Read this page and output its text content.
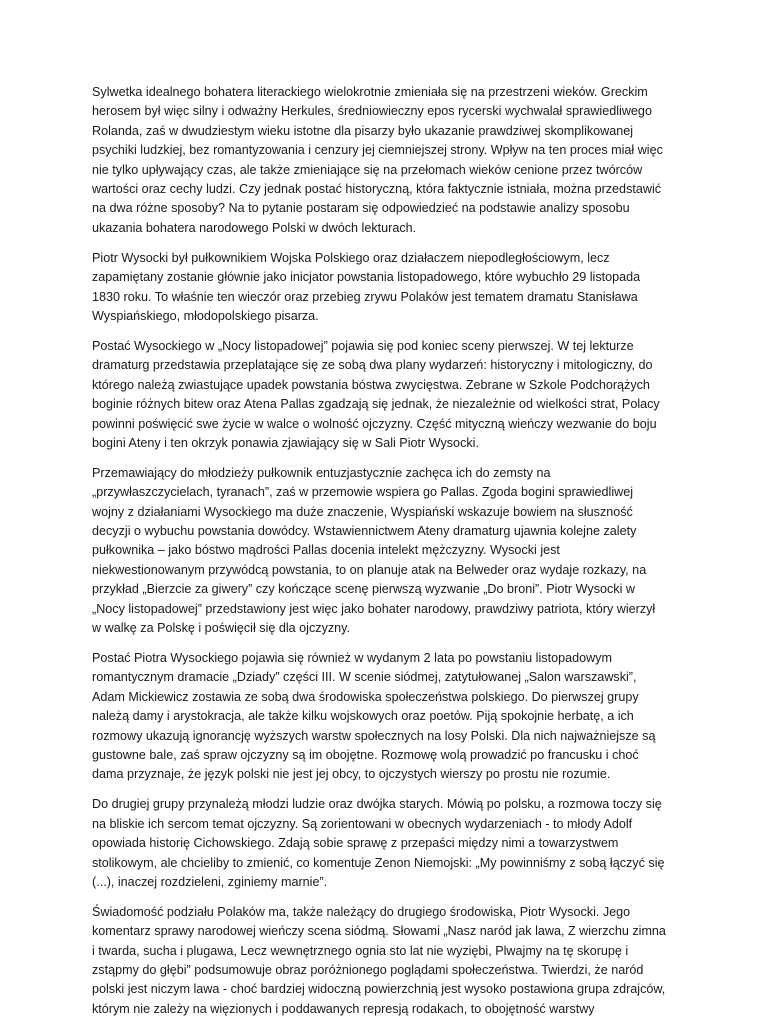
Sylwetka idealnego bohatera literackiego wielokrotnie zmieniała się na przestrzeni wieków. Greckim herosem był więc silny i odważny Herkules, średniowieczny epos rycerski wychwalał sprawiedliwego Rolanda, zaś w dwudziestym wieku istotne dla pisarzy było ukazanie prawdziwej skomplikowanej psychiki ludzkiej, bez romantyzowania i cenzury jej ciemniejszej strony. Wpływ na ten proces miał więc nie tylko upływający czas, ale także zmieniające się na przełomach wieków cenione przez twórców wartości oraz cechy ludzi. Czy jednak postać historyczną, która faktycznie istniała, można przedstawić na dwa różne sposoby? Na to pytanie postaram się odpowiedzieć na podstawie analizy sposobu ukazania bohatera narodowego Polski w dwóch lekturach.

Piotr Wysocki był pułkownikiem Wojska Polskiego oraz działaczem niepodległościowym, lecz zapamiętany zostanie głównie jako inicjator powstania listopadowego, które wybuchło 29 listopada 1830 roku. To właśnie ten wieczór oraz przebieg zrywu Polaków jest tematem dramatu Stanisława Wyspiańskiego, młodopolskiego pisarza.

Postać Wysockiego w „Nocy listopadowej” pojawia się pod koniec sceny pierwszej. W tej lekturze dramaturg przedstawia przeplatające się ze sobą dwa plany wydarzeń: historyczny i mitologiczny, do którego należą zwiastujące upadek powstania bóstwa zwycięstwa. Zebrane w Szkole Podchorążych boginie różnych bitew oraz Atena Pallas zgadzają się jednak, że niezależnie od wielkości strat, Polacy powinni poświęcić swe życie w walce o wolność ojczyzny. Część mityczną wieńczy wezwanie do boju bogini Ateny i ten okrzyk ponawia zjawiający się w Sali Piotr Wysocki.

Przemawiający do młodzieży pułkownik entuzjastycznie zachęca ich do zemsty na „przywłaszczycielach, tyranach”, zaś w przemowie wspiera go Pallas. Zgoda bogini sprawiedliwej wojny z działaniami Wysockiego ma duże znaczenie, Wyspiański wskazuje bowiem na słuszność decyzji o wybuchu powstania dowódcy. Wstawiennictwem Ateny dramaturg ujawnia kolejne zalety pułkownika – jako bóstwo mądrości Pallas docenia intelekt mężczyzny. Wysocki jest niekwestionowanym przywódcą powstania, to on planuje atak na Belweder oraz wydaje rozkazy, na przykład „Bierzcie za giwery” czy kończące scenę pierwszą wyzwanie „Do broni”. Piotr Wysocki w „Nocy listopadowej” przedstawiony jest więc jako bohater narodowy, prawdziwy patriota, który wierzył w walkę za Polskę i poświęcił się dla ojczyzny.

Postać Piotra Wysockiego pojawia się również w wydanym 2 lata po powstaniu listopadowym romantycznym dramacie „Dziady” części III. W scenie siódmej, zatytułowanej „Salon warszawski”, Adam Mickiewicz zostawia ze sobą dwa środowiska społeczeństwa polskiego. Do pierwszej grupy należą damy i arystokracja, ale także kilku wojskowych oraz poetów. Piją spokojnie herbatę, a ich rozmowy ukazują ignorancję wyższych warstw społecznych na losy Polski. Dla nich najważniejsze są gustowne bale, zaś spraw ojczyzny są im obojętne. Rozmowę wolą prowadzić po francusku i choć dama przyznaje, że język polski nie jest jej obcy, to ojczystych wierszy po prostu nie rozumie.

Do drugiej grupy przynależą młodzi ludzie oraz dwójka starych. Mówią po polsku, a rozmowa toczy się na bliskie ich sercom temat ojczyzny. Są zorientowani w obecnych wydarzeniach - to młody Adolf opowiada historię Cichowskiego. Zdają sobie sprawę z przepaści między nimi a towarzystwem stolikowym, ale chcieliby to zmienić, co komentuje Zenon Niemojski: „My powinniśmy z sobą łączyć się (...), inaczej rozdzieleni, zginiemy marnie”.

Świadomość podziału Polaków ma, także należący do drugiego środowiska, Piotr Wysocki. Jego komentarz sprawy narodowej wieńczy scena siódmą. Słowami „Nasz naród jak lawa, Z wierzchu zimna i twarda, sucha i plugawa, Lecz wewnętrznego ognia sto lat nie wyziębi, Plwajmy na tę skorupę i zstąpmy do głębi” podsumowuje obraz poróżnionego poglądami społeczeństwa. Twierdzi, że naród polski jest niczym lawa - choć bardziej widoczną powierzchnią jest wysoko postawiona grupa zdrajców, którym nie zależy na więzionych i poddawanych represją rodakach, to obojętność warstwy
